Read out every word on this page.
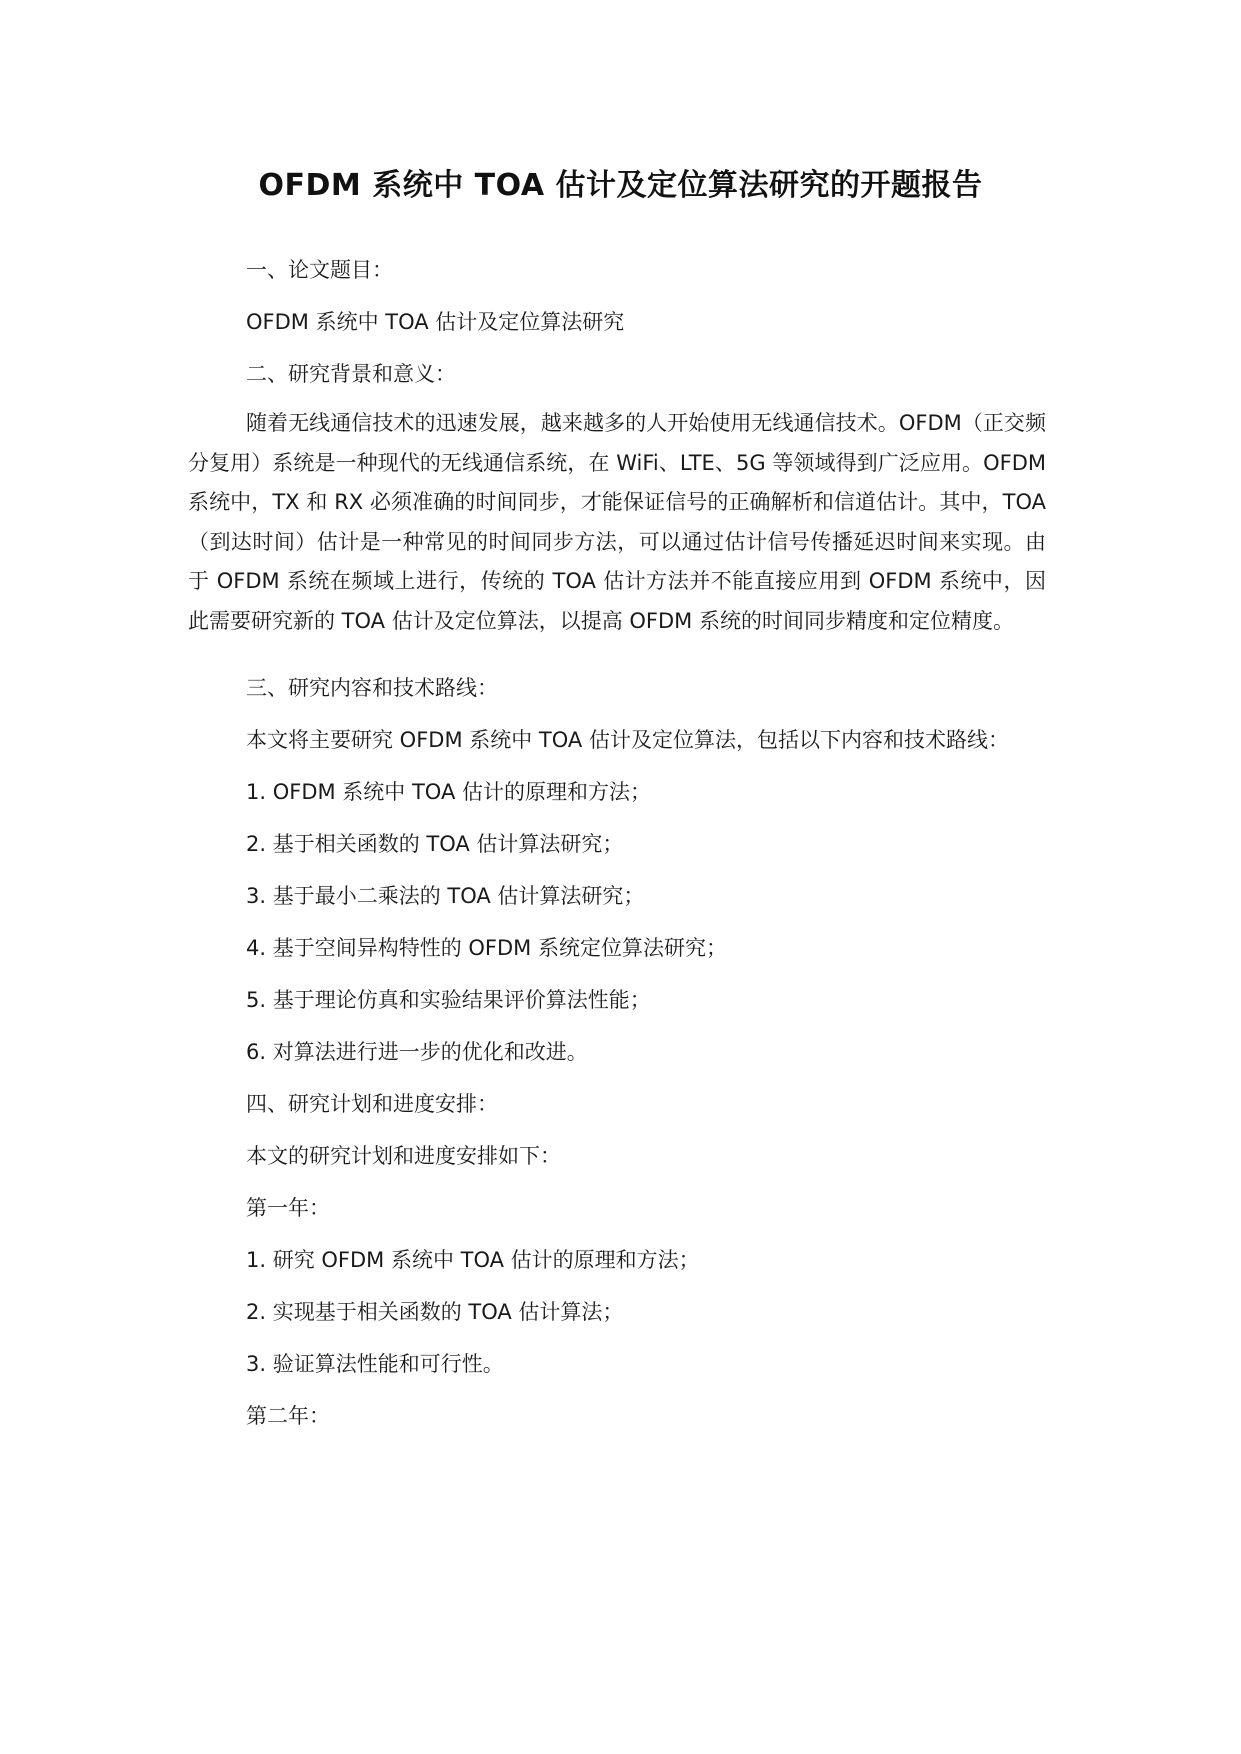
OFDM 系统中 TOA 估计及定位算法研究的开题报告
一、论文题目：
OFDM 系统中 TOA 估计及定位算法研究
二、研究背景和意义：

随着无线通信技术的迅速发展，越来越多的人开始使用无线通信技术。OFDM（正交频分复用）系统是一种现代的无线通信系统，在 WiFi、LTE、5G 等领域得到广泛应用。OFDM 系统中，TX 和 RX 必须准确的时间同步，才能保证信号的正确解析和信道估计。其中，TOA（到达时间）估计是一种常见的时间同步方法，可以通过估计信号传播延迟时间来实现。由于 OFDM 系统在频域上进行，传统的 TOA 估计方法并不能直接应用到 OFDM 系统中，因此需要研究新的 TOA 估计及定位算法，以提高 OFDM 系统的时间同步精度和定位精度。

三、研究内容和技术路线：
本文将主要研究 OFDM 系统中 TOA 估计及定位算法，包括以下内容和技术路线：
1. OFDM 系统中 TOA 估计的原理和方法；
2. 基于相关函数的 TOA 估计算法研究；
3. 基于最小二乘法的 TOA 估计算法研究；
4. 基于空间异构特性的 OFDM 系统定位算法研究；
5. 基于理论仿真和实验结果评价算法性能；
6. 对算法进行进一步的优化和改进。
四、研究计划和进度安排：
本文的研究计划和进度安排如下：
第一年：
1. 研究 OFDM 系统中 TOA 估计的原理和方法；
2. 实现基于相关函数的 TOA 估计算法；
3. 验证算法性能和可行性。
第二年：
